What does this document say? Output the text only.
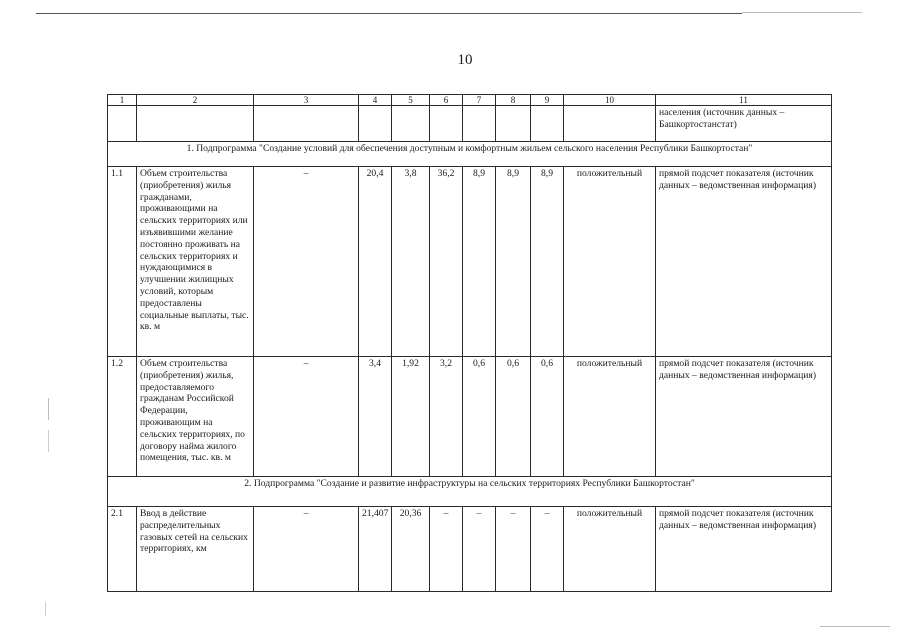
10
1	2	3	4	5	6	7	8	9	10	11
										населения (источник данных – Башкортостанстат)
1. Подпрограмма "Создание условий для обеспечения доступным и комфортным жильем сельского населения Республики Башкортостан"										
1.1	Объем строительства (приобретения) жилья гражданами, проживающими на сельских территориях или изъявившими желание постоянно проживать на сельских территориях и нуждающимися в улучшении жилищных условий, которым предоставлены социальные выплаты, тыс. кв. м	–	20,4	3,8	36,2	8,9	8,9	8,9	положительный	прямой подсчет показателя (источник данных – ведомственная информация)
1.2	Объем строительства (приобретения) жилья, предоставляемого гражданам Российской Федерации, проживающим на сельских территориях, по договору найма жилого помещения, тыс. кв. м	–	3,4	1,92	3,2	0,6	0,6	0,6	положительный	прямой подсчет показателя (источник данных – ведомственная информация)
2. Подпрограмма "Создание и развитие инфраструктуры на сельских территориях Республики Башкортостан"										
2.1	Ввод в действие распределительных газовых сетей на сельских территориях, км	–	21,407	20,36	–	–	–	–	положительный	прямой подсчет показателя (источник данных – ведомственная информация)
